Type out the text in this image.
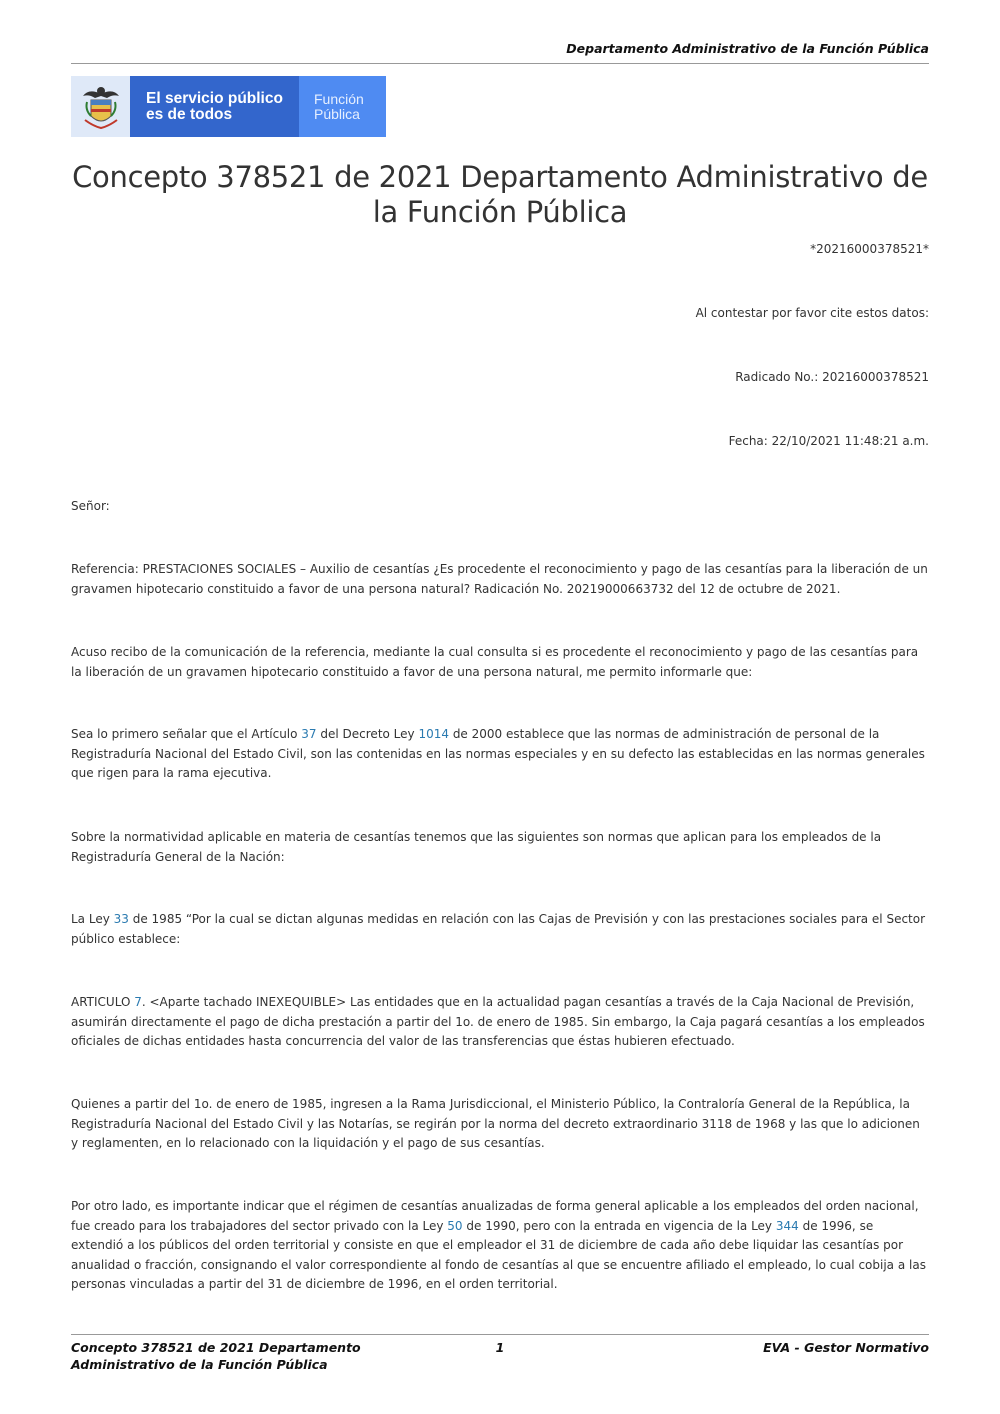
Departamento Administrativo de la Función Pública
El servicio público
es de todos
Función
Pública
Concepto 378521 de 2021 Departamento Administrativo de la Función Pública
*20216000378521*
Al contestar por favor cite estos datos:
Radicado No.: 20216000378521
Fecha: 22/10/2021 11:48:21 a.m.
Señor:
Referencia: PRESTACIONES SOCIALES – Auxilio de cesantías ¿Es procedente el reconocimiento y pago de las cesantías para la liberación de un gravamen hipotecario constituido a favor de una persona natural? Radicación No. 20219000663732 del 12 de octubre de 2021.
Acuso recibo de la comunicación de la referencia, mediante la cual consulta si es procedente el reconocimiento y pago de las cesantías para la liberación de un gravamen hipotecario constituido a favor de una persona natural, me permito informarle que:
Sea lo primero señalar que el Artículo 37 del Decreto Ley 1014 de 2000 establece que las normas de administración de personal de la Registraduría Nacional del Estado Civil, son las contenidas en las normas especiales y en su defecto las establecidas en las normas generales que rigen para la rama ejecutiva.
Sobre la normatividad aplicable en materia de cesantías tenemos que las siguientes son normas que aplican para los empleados de la Registraduría General de la Nación:
La Ley 33 de 1985 “Por la cual se dictan algunas medidas en relación con las Cajas de Previsión y con las prestaciones sociales para el Sector público establece:
ARTICULO 7. <Aparte tachado INEXEQUIBLE> Las entidades que en la actualidad pagan cesantías a través de la Caja Nacional de Previsión, asumirán directamente el pago de dicha prestación a partir del 1o. de enero de 1985. Sin embargo, la Caja pagará cesantías a los empleados oficiales de dichas entidades hasta concurrencia del valor de las transferencias que éstas hubieren efectuado.
Quienes a partir del 1o. de enero de 1985, ingresen a la Rama Jurisdiccional, el Ministerio Público, la Contraloría General de la República, la Registraduría Nacional del Estado Civil y las Notarías, se regirán por la norma del decreto extraordinario 3118 de 1968 y las que lo adicionen y reglamenten, en lo relacionado con la liquidación y el pago de sus cesantías.
Por otro lado, es importante indicar que el régimen de cesantías anualizadas de forma general aplicable a los empleados del orden nacional, fue creado para los trabajadores del sector privado con la Ley 50 de 1990, pero con la entrada en vigencia de la Ley 344 de 1996, se extendió a los públicos del orden territorial y consiste en que el empleador el 31 de diciembre de cada año debe liquidar las cesantías por anualidad o fracción, consignando el valor correspondiente al fondo de cesantías al que se encuentre afiliado el empleado, lo cual cobija a las personas vinculadas a partir del 31 de diciembre de 1996, en el orden territorial.
Concepto 378521 de 2021 Departamento
Administrativo de la Función Pública
1	EVA - Gestor Normativo
